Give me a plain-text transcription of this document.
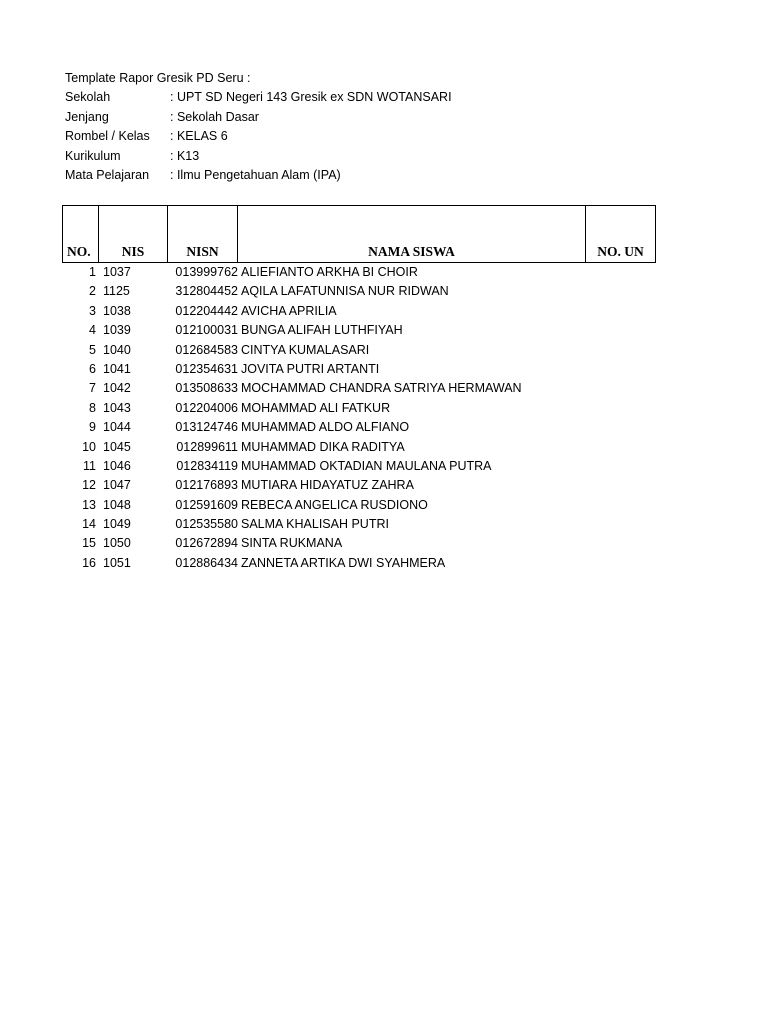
Template Rapor Gresik PD Seru :
Sekolah	: UPT SD Negeri 143 Gresik ex SDN WOTANSARI
Jenjang	: Sekolah Dasar
Rombel / Kelas	: KELAS 6
Kurikulum	: K13
Mata Pelajaran	: Ilmu Pengetahuan Alam (IPA)
NO.	NIS	NISN	NAMA SISWA	NO. UN
1 1037	013999762 ALIEFIANTO ARKHA BI CHOIR
2 1125	312804452 AQILA LAFATUNNISA NUR RIDWAN
3 1038	012204442 AVICHA APRILIA
4 1039	012100031 BUNGA ALIFAH LUTHFIYAH
5 1040	012684583 CINTYA KUMALASARI
6 1041	012354631 JOVITA PUTRI ARTANTI
7 1042	013508633 MOCHAMMAD CHANDRA SATRIYA HERMAWAN
8 1043	012204006 MOHAMMAD ALI FATKUR
9 1044	013124746 MUHAMMAD ALDO ALFIANO
10 1045	012899611 MUHAMMAD DIKA RADITYA
11 1046	012834119 MUHAMMAD OKTADIAN MAULANA PUTRA
12 1047	012176893 MUTIARA HIDAYATUZ ZAHRA
13 1048	012591609 REBECA ANGELICA RUSDIONO
14 1049	012535580 SALMA KHALISAH PUTRI
15 1050	012672894 SINTA RUKMANA
16 1051	012886434 ZANNETA ARTIKA DWI SYAHMERA
